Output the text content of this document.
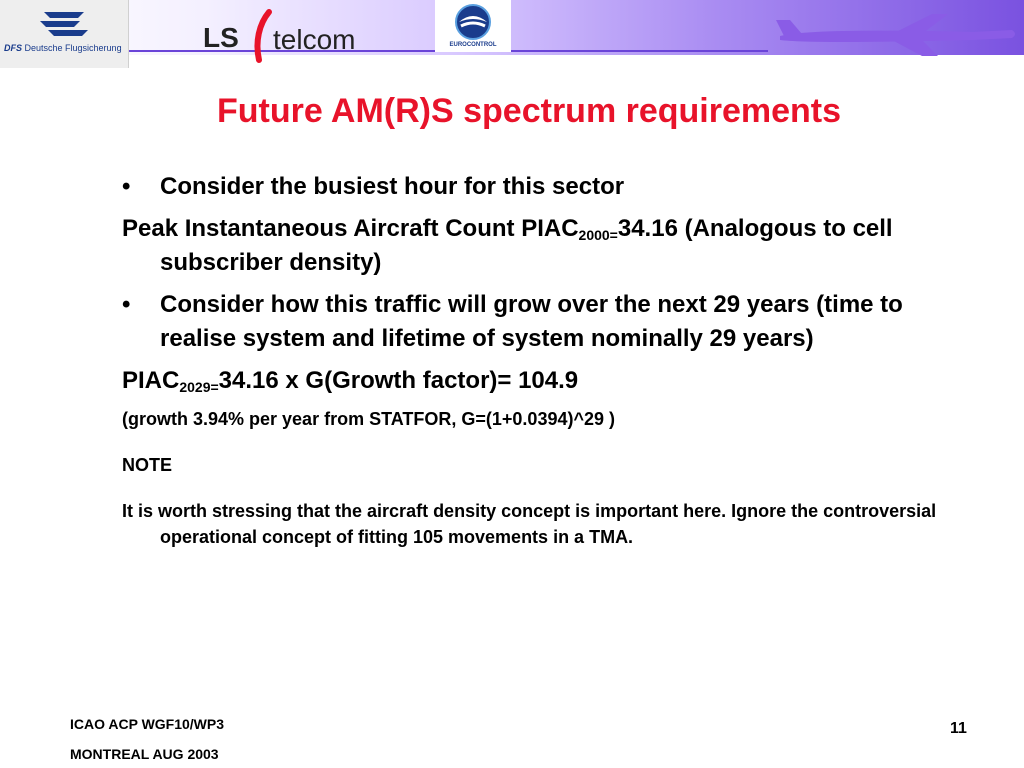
DFS Deutsche Flugsicherung	LS telcom	EUROCONTROL
Future AM(R)S spectrum requirements
• Consider the busiest hour for this sector
Peak Instantaneous Aircraft Count $PIAC_{2000=}34.16$ (Analogous to cell subscriber density)
• Consider how this traffic will grow over the next 29 years (time to realise system and lifetime of system nominally 29 years)
$PIAC_{2029=}34.16$ x G(Growth factor)= 104.9

(growth 3.94% per year from STATFOR, G=(1+0.0394)^29 )

NOTE

It is worth stressing that the aircraft density concept is important here. Ignore the controversial operational concept of fitting 105 movements in a TMA.

ICAO ACP WGF10/WP3
MONTREAL AUG 2003
11
